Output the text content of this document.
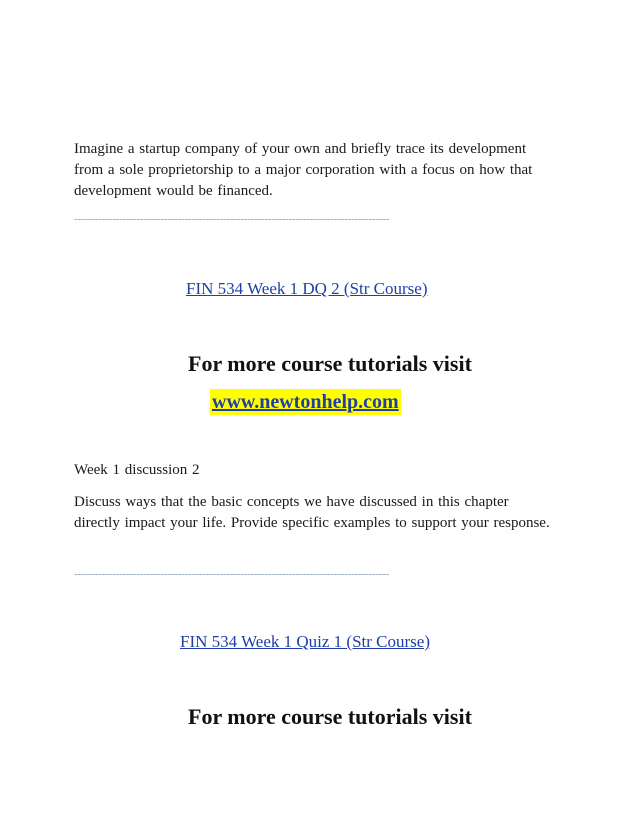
Imagine a startup company of your own and briefly trace its development from a sole proprietorship to a major corporation with a focus on how that development would be financed.

-------------------------------------------------------------------------------------------
FIN 534 Week 1 DQ 2 (Str Course)
For more course tutorials visit
www.newtonhelp.com

Week 1 discussion 2

Discuss ways that the basic concepts we have discussed in this chapter directly impact your life. Provide specific examples to support your response.

-------------------------------------------------------------------------------------------
FIN 534 Week 1 Quiz 1 (Str Course)
For more course tutorials visit
